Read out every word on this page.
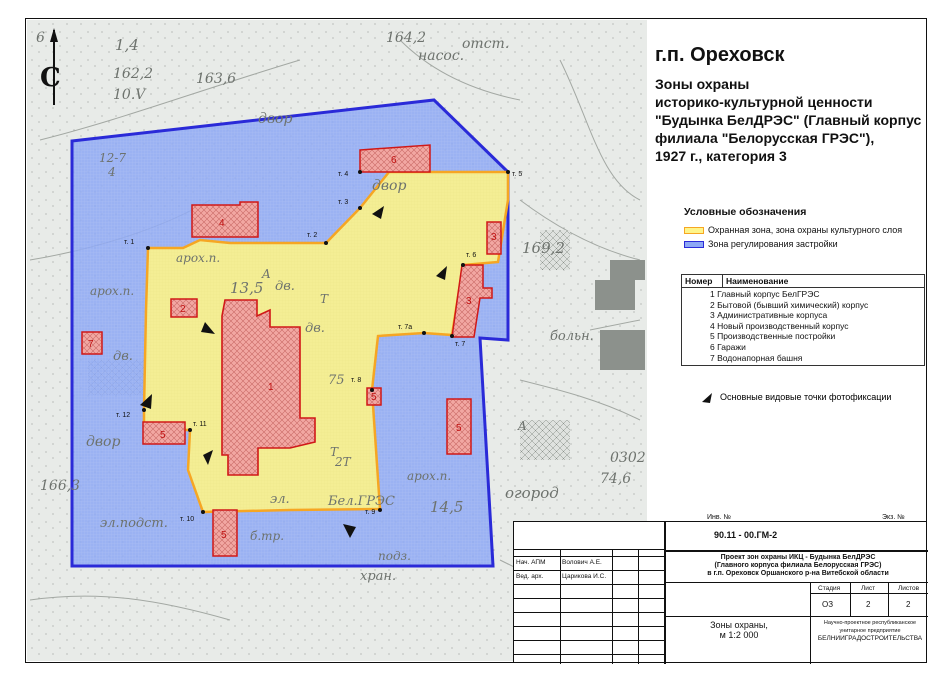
1
2
3
3
4
5
5
5
5
6
7
т. 1
т. 2
т. 3
т. 4	т. 5
т. 6
т. 7
т. 7а
т. 8
т. 9
т. 10
т. 11
т. 12
6	1,4
162,2
10.V
163,6
164,2
насос.
отст.
169,2
двор
двор
двор
дв.
дв.
дв.
Бел.ГРЭС	огород
эл.подст.
эл.
хран.
подз.
166,3	74,6
0302
больн.
13,5
14,5
арох.п.
арох.п.
арох.п.
б.тр.
75
12-7
4
A
A
T
T
2Т
С
г.п. Ореховск
Зоны охраны
историко-культурной ценности
"Будынка БелДРЭС" (Главный корпус
филиала "Белорусская ГРЭС"),
1927 г., категория 3
Условные обозначения
Охранная зона, зона охраны культурного слоя
Зона регулирования застройки
Номер	Наименование
1 Главный корпус БелГРЭС
2 Бытовой (бывший химический) корпус
3 Административные корпуса
4 Новый производственный корпус
5 Производственные постройки
6 Гаражи
7 Водонапорная башня
Основные видовые точки фотофиксации
Инв. №	Экз. №
90.11 - 00.ГМ-2
Нач. АПМ	Волович А.Е.
Вед. арх.	Царикова И.С.
Проект зон охраны ИКЦ - Будынка БелДРЭС
(Главного корпуса филиала Белорусская ГРЭС)
в г.п. Ореховск Оршанского р-на Витебской области
Стадия	Лист	Листов
ОЗ	2	2
Зоны охраны,
м 1:2 000
Научно-проектное республиканское
унитарное предприятие
БЕЛНИИГРАДОСТРОИТЕЛЬСТВА
